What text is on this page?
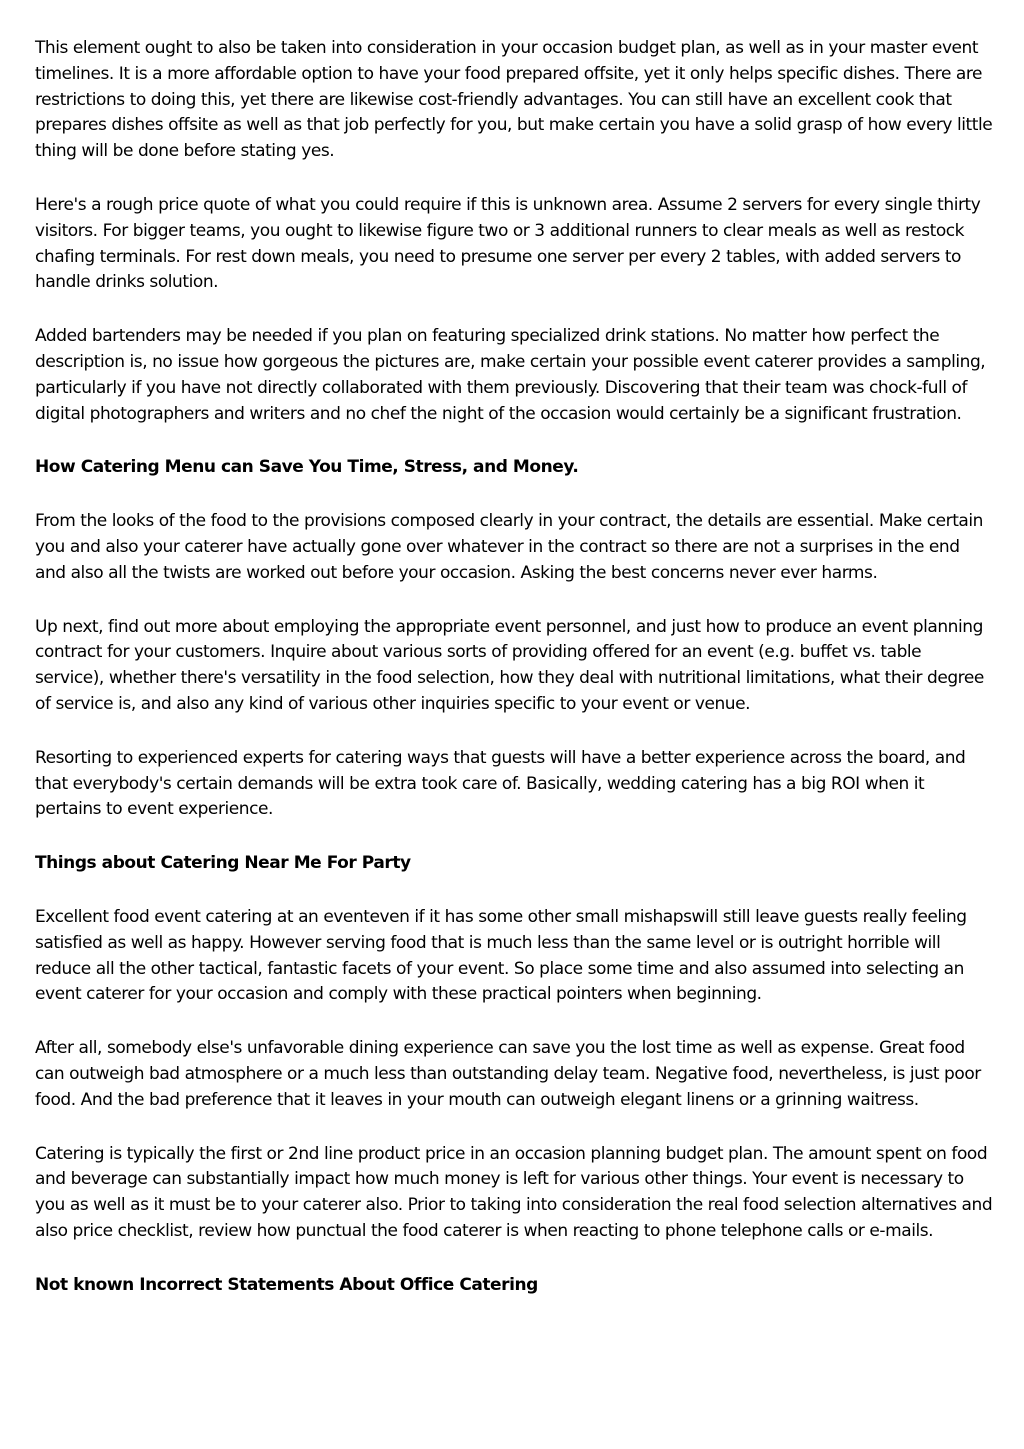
This element ought to also be taken into consideration in your occasion budget plan, as well as in your master event timelines. It is a more affordable option to have your food prepared offsite, yet it only helps specific dishes. There are restrictions to doing this, yet there are likewise cost-friendly advantages. You can still have an excellent cook that prepares dishes offsite as well as that job perfectly for you, but make certain you have a solid grasp of how every little thing will be done before stating yes.

Here's a rough price quote of what you could require if this is unknown area. Assume 2 servers for every single thirty visitors. For bigger teams, you ought to likewise figure two or 3 additional runners to clear meals as well as restock chafing terminals. For rest down meals, you need to presume one server per every 2 tables, with added servers to handle drinks solution.

Added bartenders may be needed if you plan on featuring specialized drink stations. No matter how perfect the description is, no issue how gorgeous the pictures are, make certain your possible event caterer provides a sampling, particularly if you have not directly collaborated with them previously. Discovering that their team was chock-full of digital photographers and writers and no chef the night of the occasion would certainly be a significant frustration.

How Catering Menu can Save You Time, Stress, and Money.

From the looks of the food to the provisions composed clearly in your contract, the details are essential. Make certain you and also your caterer have actually gone over whatever in the contract so there are not a surprises in the end and also all the twists are worked out before your occasion. Asking the best concerns never ever harms.

Up next, find out more about employing the appropriate event personnel, and just how to produce an event planning contract for your customers. Inquire about various sorts of providing offered for an event (e.g. buffet vs. table service), whether there's versatility in the food selection, how they deal with nutritional limitations, what their degree of service is, and also any kind of various other inquiries specific to your event or venue.

Resorting to experienced experts for catering ways that guests will have a better experience across the board, and that everybody's certain demands will be extra took care of. Basically, wedding catering has a big ROI when it pertains to event experience.

Things about Catering Near Me For Party

Excellent food event catering at an eventeven if it has some other small mishapswill still leave guests really feeling satisfied as well as happy. However serving food that is much less than the same level or is outright horrible will reduce all the other tactical, fantastic facets of your event. So place some time and also assumed into selecting an event caterer for your occasion and comply with these practical pointers when beginning.

After all, somebody else's unfavorable dining experience can save you the lost time as well as expense. Great food can outweigh bad atmosphere or a much less than outstanding delay team. Negative food, nevertheless, is just poor food. And the bad preference that it leaves in your mouth can outweigh elegant linens or a grinning waitress.

Catering is typically the first or 2nd line product price in an occasion planning budget plan. The amount spent on food and beverage can substantially impact how much money is left for various other things. Your event is necessary to you as well as it must be to your caterer also. Prior to taking into consideration the real food selection alternatives and also price checklist, review how punctual the food caterer is when reacting to phone telephone calls or e-mails.

Not known Incorrect Statements About Office Catering
